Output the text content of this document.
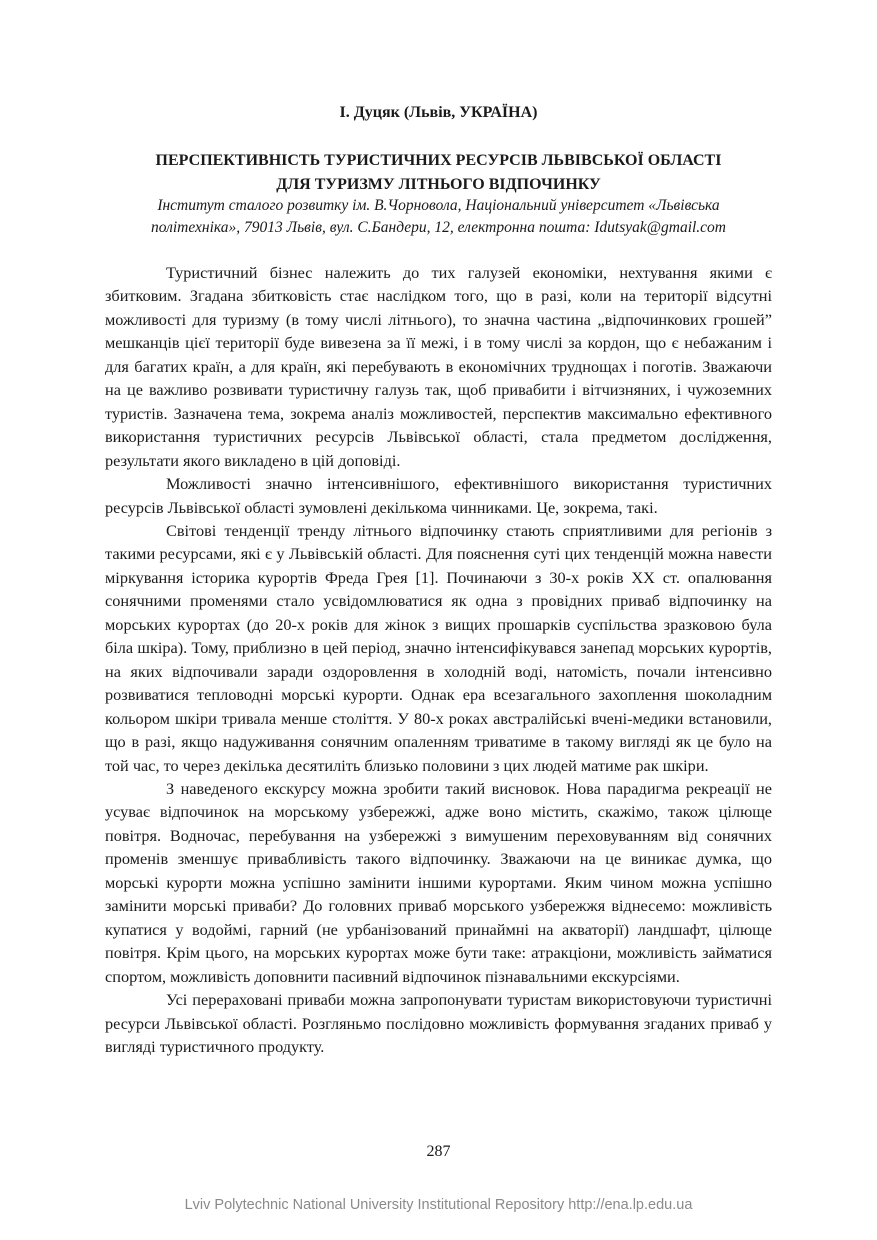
І. Дуцяк (Львів, УКРАЇНА)
ПЕРСПЕКТИВНІСТЬ ТУРИСТИЧНИХ РЕСУРСІВ ЛЬВІВСЬКОЇ ОБЛАСТІ
ДЛЯ ТУРИЗМУ ЛІТНЬОГО ВІДПОЧИНКУ
Інститут сталого розвитку ім. В.Чорновола, Національний університет «Львівська
політехніка», 79013 Львів, вул. С.Бандери, 12, електронна пошта: Idutsyak@gmail.com

Туристичний бізнес належить до тих галузей економіки, нехтування якими є збитковим. Згадана збитковість стає наслідком того, що в разі, коли на території відсутні можливості для туризму (в тому числі літнього), то значна частина „відпочинкових грошей” мешканців цієї території буде вивезена за її межі, і в тому числі за кордон, що є небажаним і для багатих країн, а для країн, які перебувають в економічних труднощах і поготів. Зважаючи на це важливо розвивати туристичну галузь так, щоб привабити і вітчизняних, і чужоземних туристів. Зазначена тема, зокрема аналіз можливостей, перспектив максимально ефективного використання туристичних ресурсів Львівської області, стала предметом дослідження, результати якого викладено в цій доповіді.

Можливості значно інтенсивнішого, ефективнішого використання туристичних ресурсів Львівської області зумовлені декількома чинниками. Це, зокрема, такі.

Світові тенденції тренду літнього відпочинку стають сприятливими для регіонів з такими ресурсами, які є у Львівській області. Для пояснення суті цих тенденцій можна навести міркування історика курортів Фреда Грея [1]. Починаючи з 30-х років XX ст. опалювання сонячними променями стало усвідомлюватися як одна з провідних приваб відпочинку на морських курортах (до 20-х років для жінок з вищих прошарків суспільства зразковою була біла шкіра). Тому, приблизно в цей період, значно інтенсифікувався занепад морських курортів, на яких відпочивали заради оздоровлення в холодній воді, натомість, почали інтенсивно розвиватися тепловодні морські курорти. Однак ера всезагального захоплення шоколадним кольором шкіри тривала менше століття. У 80-х роках австралійські вчені-медики встановили, що в разі, якщо надуживання сонячним опаленням триватиме в такому вигляді як це було на той час, то через декілька десятиліть близько половини з цих людей матиме рак шкіри.

З наведеного екскурсу можна зробити такий висновок. Нова парадигма рекреації не усуває відпочинок на морському узбережжі, адже воно містить, скажімо, також цілюще повітря. Водночас, перебування на узбережжі з вимушеним переховуванням від сонячних променів зменшує привабливість такого відпочинку. Зважаючи на це виникає думка, що морські курорти можна успішно замінити іншими курортами. Яким чином можна успішно замінити морські приваби? До головних приваб морського узбережжя віднесемо: можливість купатися у водоймі, гарний (не урбанізований принаймні на акваторії) ландшафт, цілюще повітря. Крім цього, на морських курортах може бути таке: атракціони, можливість займатися спортом, можливість доповнити пасивний відпочинок пізнавальними екскурсіями.

Усі перераховані приваби можна запропонувати туристам використовуючи туристичні ресурси Львівської області. Розгляньмо послідовно можливість формування згаданих приваб у вигляді туристичного продукту.

287
Lviv Polytechnic National University Institutional Repository http://ena.lp.edu.ua
